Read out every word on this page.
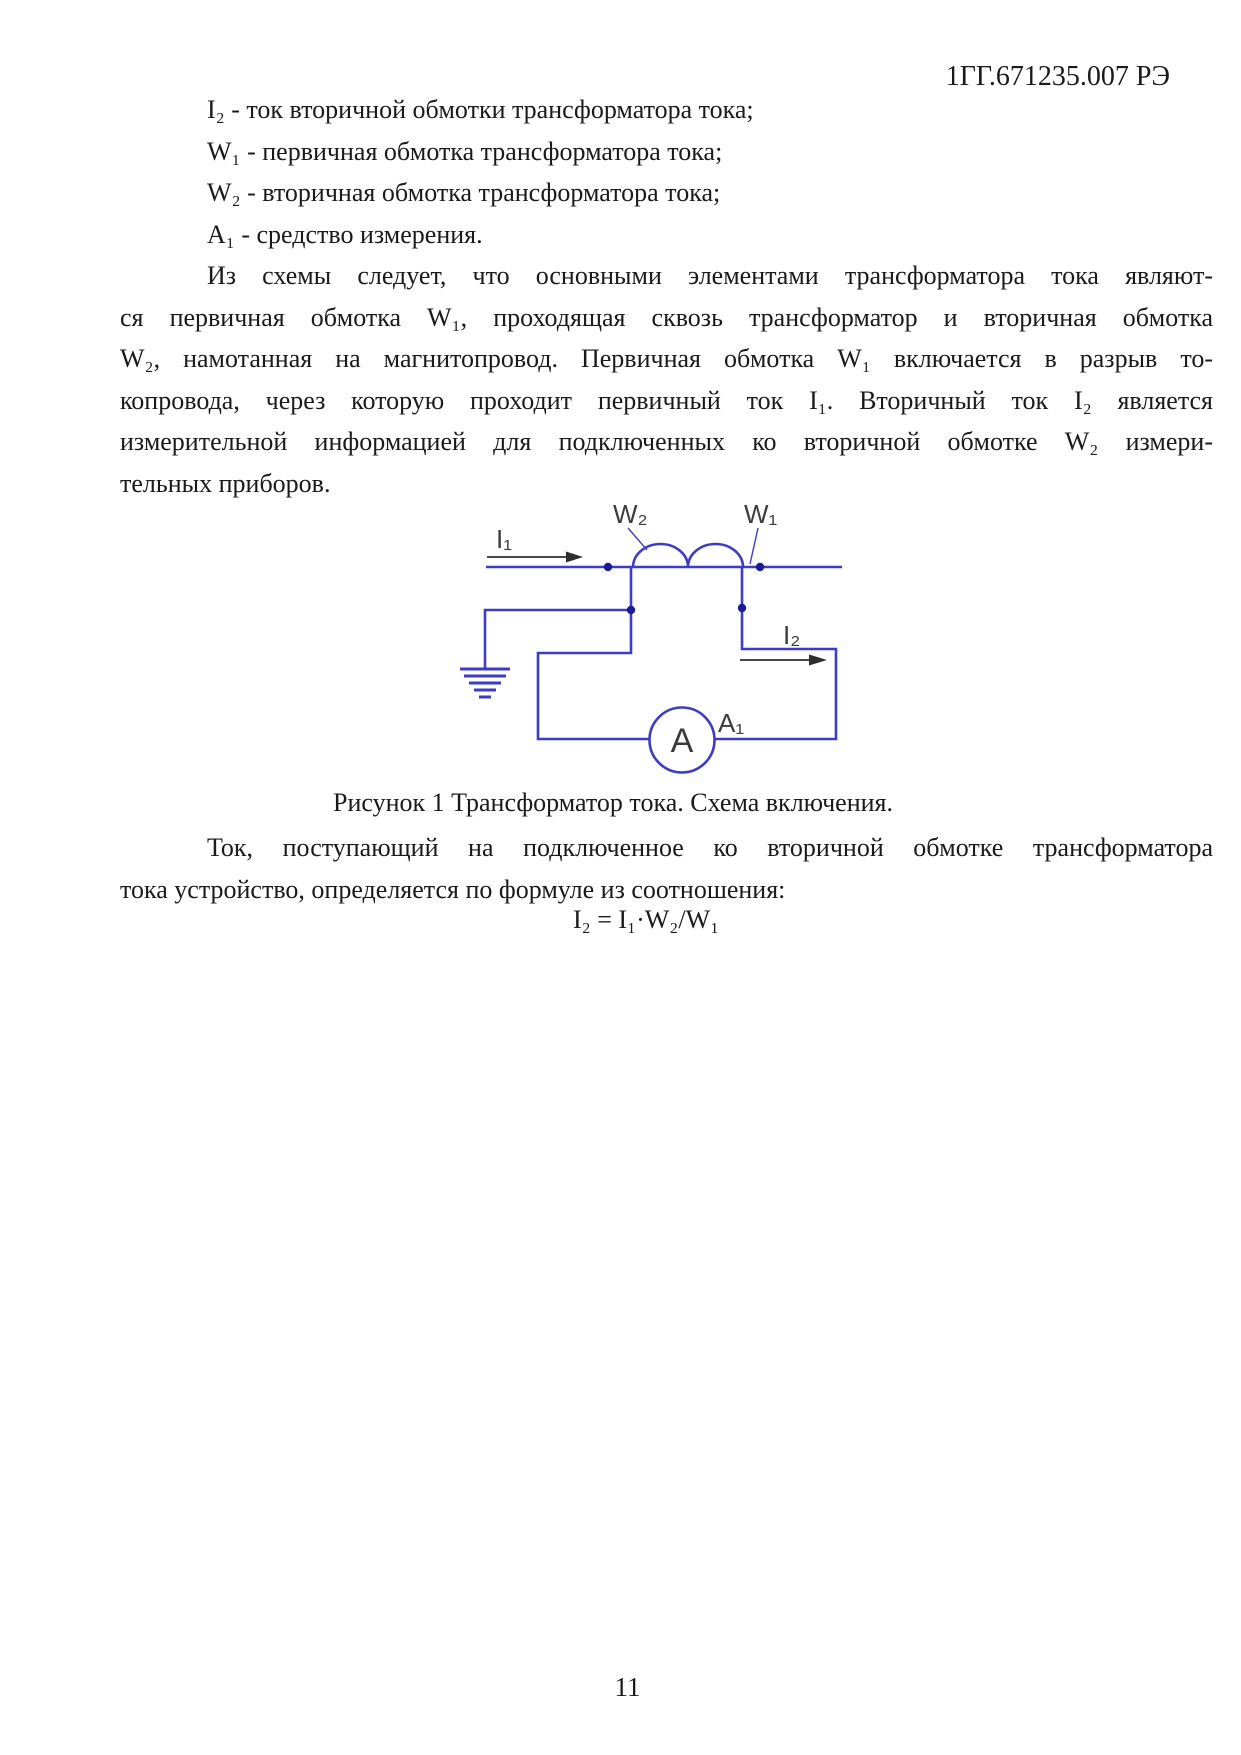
1ГГ.671235.007 РЭ
I₂ - ток вторичной обмотки трансформатора тока;
W₁ - первичная обмотка трансформатора тока;
W₂ - вторичная обмотка трансформатора тока;
A₁ - средство измерения.
Из схемы следует, что основными элементами трансформатора тока являют-
ся первичная обмотка W₁, проходящая сквозь трансформатор и вторичная обмотка
W₂, намотанная на магнитопровод. Первичная обмотка W₁ включается в разрыв то-
копровода, через которую проходит первичный ток I₁. Вторичный ток I₂ является
измерительной информацией для подключенных ко вторичной обмотке W₂ измери-
тельных приборов.
I₁
W₂	W₁
I₂
A₁
A
Рисунок 1 Трансформатор тока. Схема включения.
Ток, поступающий на подключенное ко вторичной обмотке трансформатора
тока устройство, определяется по формуле из соотношения:
I₂ = I₁·W₂/W₁
11
